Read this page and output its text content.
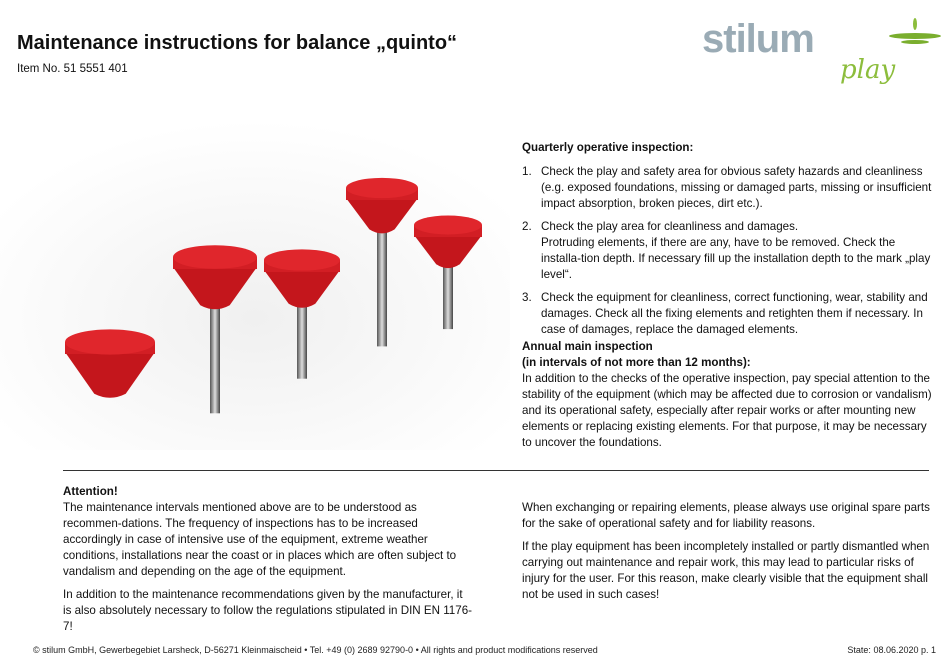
Maintenance instructions for balance „quinto“
Item No. 51 5551 401
stilum
play
Quarterly operative inspection:
1. Check the play and safety area for obvious safety hazards and cleanliness (e.g. exposed foundations, missing or damaged parts, missing or insufficient impact absorption, broken pieces, dirt etc.).
2. Check the play area for cleanliness and damages.
Protruding elements, if there are any, have to be removed. Check the installa-tion depth. If necessary fill up the installation depth to the mark „play level“.
3. Check the equipment for cleanliness, correct functioning, wear, stability and damages. Check all the fixing elements and retighten them if necessary. In case of damages, replace the damaged elements.
Annual main inspection
(in intervals of not more than 12 months):
In addition to the checks of the operative inspection, pay special attention to the stability of the equipment (which may be affected due to corrosion or vandalism) and its operational safety, especially after repair works or after mounting new elements or replacing existing elements. For that purpose, it may be necessary to uncover the foundations.
Attention!

The maintenance intervals mentioned above are to be understood as recommen-dations. The frequency of inspections has to be increased accordingly in case of intensive use of the equipment, extreme weather conditions, installations near the coast or in places which are often subject to vandalism and depending on the age of the equipment.

In addition to the maintenance recommendations given by the manufacturer, it is also absolutely necessary to follow the regulations stipulated in DIN EN 1176-7!

When exchanging or repairing elements, please always use original spare parts for the sake of operational safety and for liability reasons.

If the play equipment has been incompletely installed or partly dismantled when carrying out maintenance and repair work, this may lead to particular risks of injury for the user. For this reason, make clearly visible that the equipment shall not be used in such cases!

© stilum GmbH, Gewerbegebiet Larsheck, D-56271 Kleinmaischeid • Tel. +49 (0) 2689 92790-0 • All rights and product modifications reserved	State: 08.06.2020 p. 1
